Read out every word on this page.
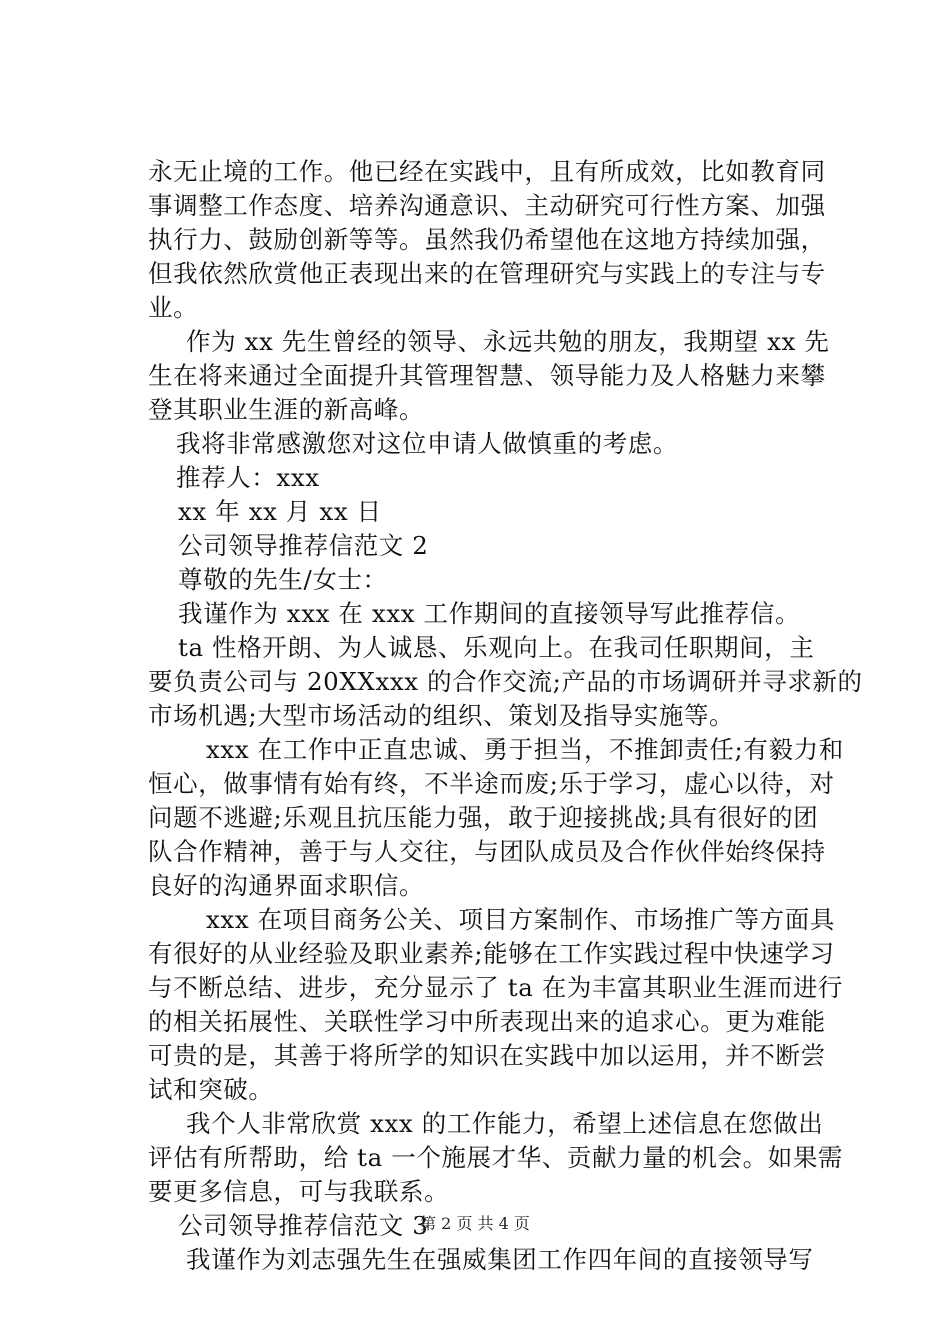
永无止境的工作。他已经在实践中，且有所成效，比如教育同
事调整工作态度、培养沟通意识、主动研究可行性方案、加强
执行力、鼓励创新等等。虽然我仍希望他在这地方持续加强，
但我依然欣赏他正表现出来的在管理研究与实践上的专注与专
业。
作为 xx 先生曾经的领导、永远共勉的朋友，我期望 xx 先
生在将来通过全面提升其管理智慧、领导能力及人格魅力来攀
登其职业生涯的新高峰。
我将非常感激您对这位申请人做慎重的考虑。
推荐人：xxx
xx 年 xx 月 xx 日
公司领导推荐信范文 2
尊敬的先生/女士：
我谨作为 xxx 在 xxx 工作期间的直接领导写此推荐信。
ta 性格开朗、为人诚恳、乐观向上。在我司任职期间，主
要负责公司与 20XXxxx 的合作交流;产品的市场调研并寻求新的
市场机遇;大型市场活动的组织、策划及指导实施等。
xxx 在工作中正直忠诚、勇于担当，不推卸责任;有毅力和
恒心，做事情有始有终，不半途而废;乐于学习，虚心以待，对
问题不逃避;乐观且抗压能力强，敢于迎接挑战;具有很好的团
队合作精神，善于与人交往，与团队成员及合作伙伴始终保持
良好的沟通界面求职信。
xxx 在项目商务公关、项目方案制作、市场推广等方面具
有很好的从业经验及职业素养;能够在工作实践过程中快速学习
与不断总结、进步，充分显示了 ta 在为丰富其职业生涯而进行
的相关拓展性、关联性学习中所表现出来的追求心。更为难能
可贵的是，其善于将所学的知识在实践中加以运用，并不断尝
试和突破。
我个人非常欣赏 xxx 的工作能力，希望上述信息在您做出
评估有所帮助，给 ta 一个施展才华、贡献力量的机会。如果需
要更多信息，可与我联系。
公司领导推荐信范文 3
我谨作为刘志强先生在强威集团工作四年间的直接领导写
第 2 页 共 4 页
